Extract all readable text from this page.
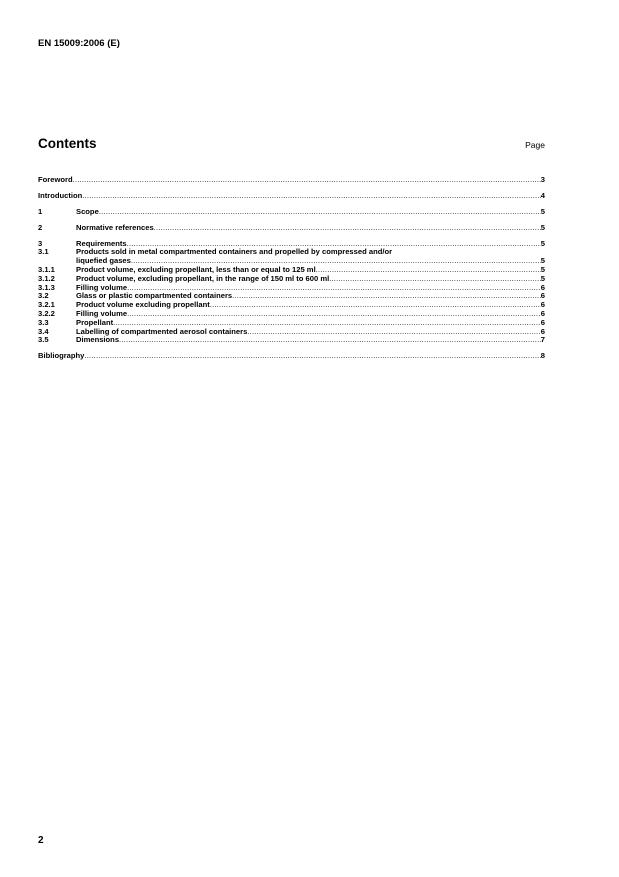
EN 15009:2006 (E)
Contents	Page
Foreword .....	3
Introduction .....	4
1	Scope .....	5
2	Normative references .....	5
3	Requirements .....	5
3.1	Products sold in metal compartmented containers and propelled by compressed and/or
liquefied gases .....	5
3.1.1	Product volume, excluding propellant, less than or equal to 125 ml .....	5
3.1.2	Product volume, excluding propellant, in the range of 150 ml to 600 ml .....	5
3.1.3	Filling volume .....	6
3.2	Glass or plastic compartmented containers .....	6
3.2.1	Product volume excluding propellant .....	6
3.2.2	Filling volume .....	6
3.3	Propellant .....	6
3.4	Labelling of compartmented aerosol containers .....	6
3.5	Dimensions .....	7
Bibliography .....	8
2
